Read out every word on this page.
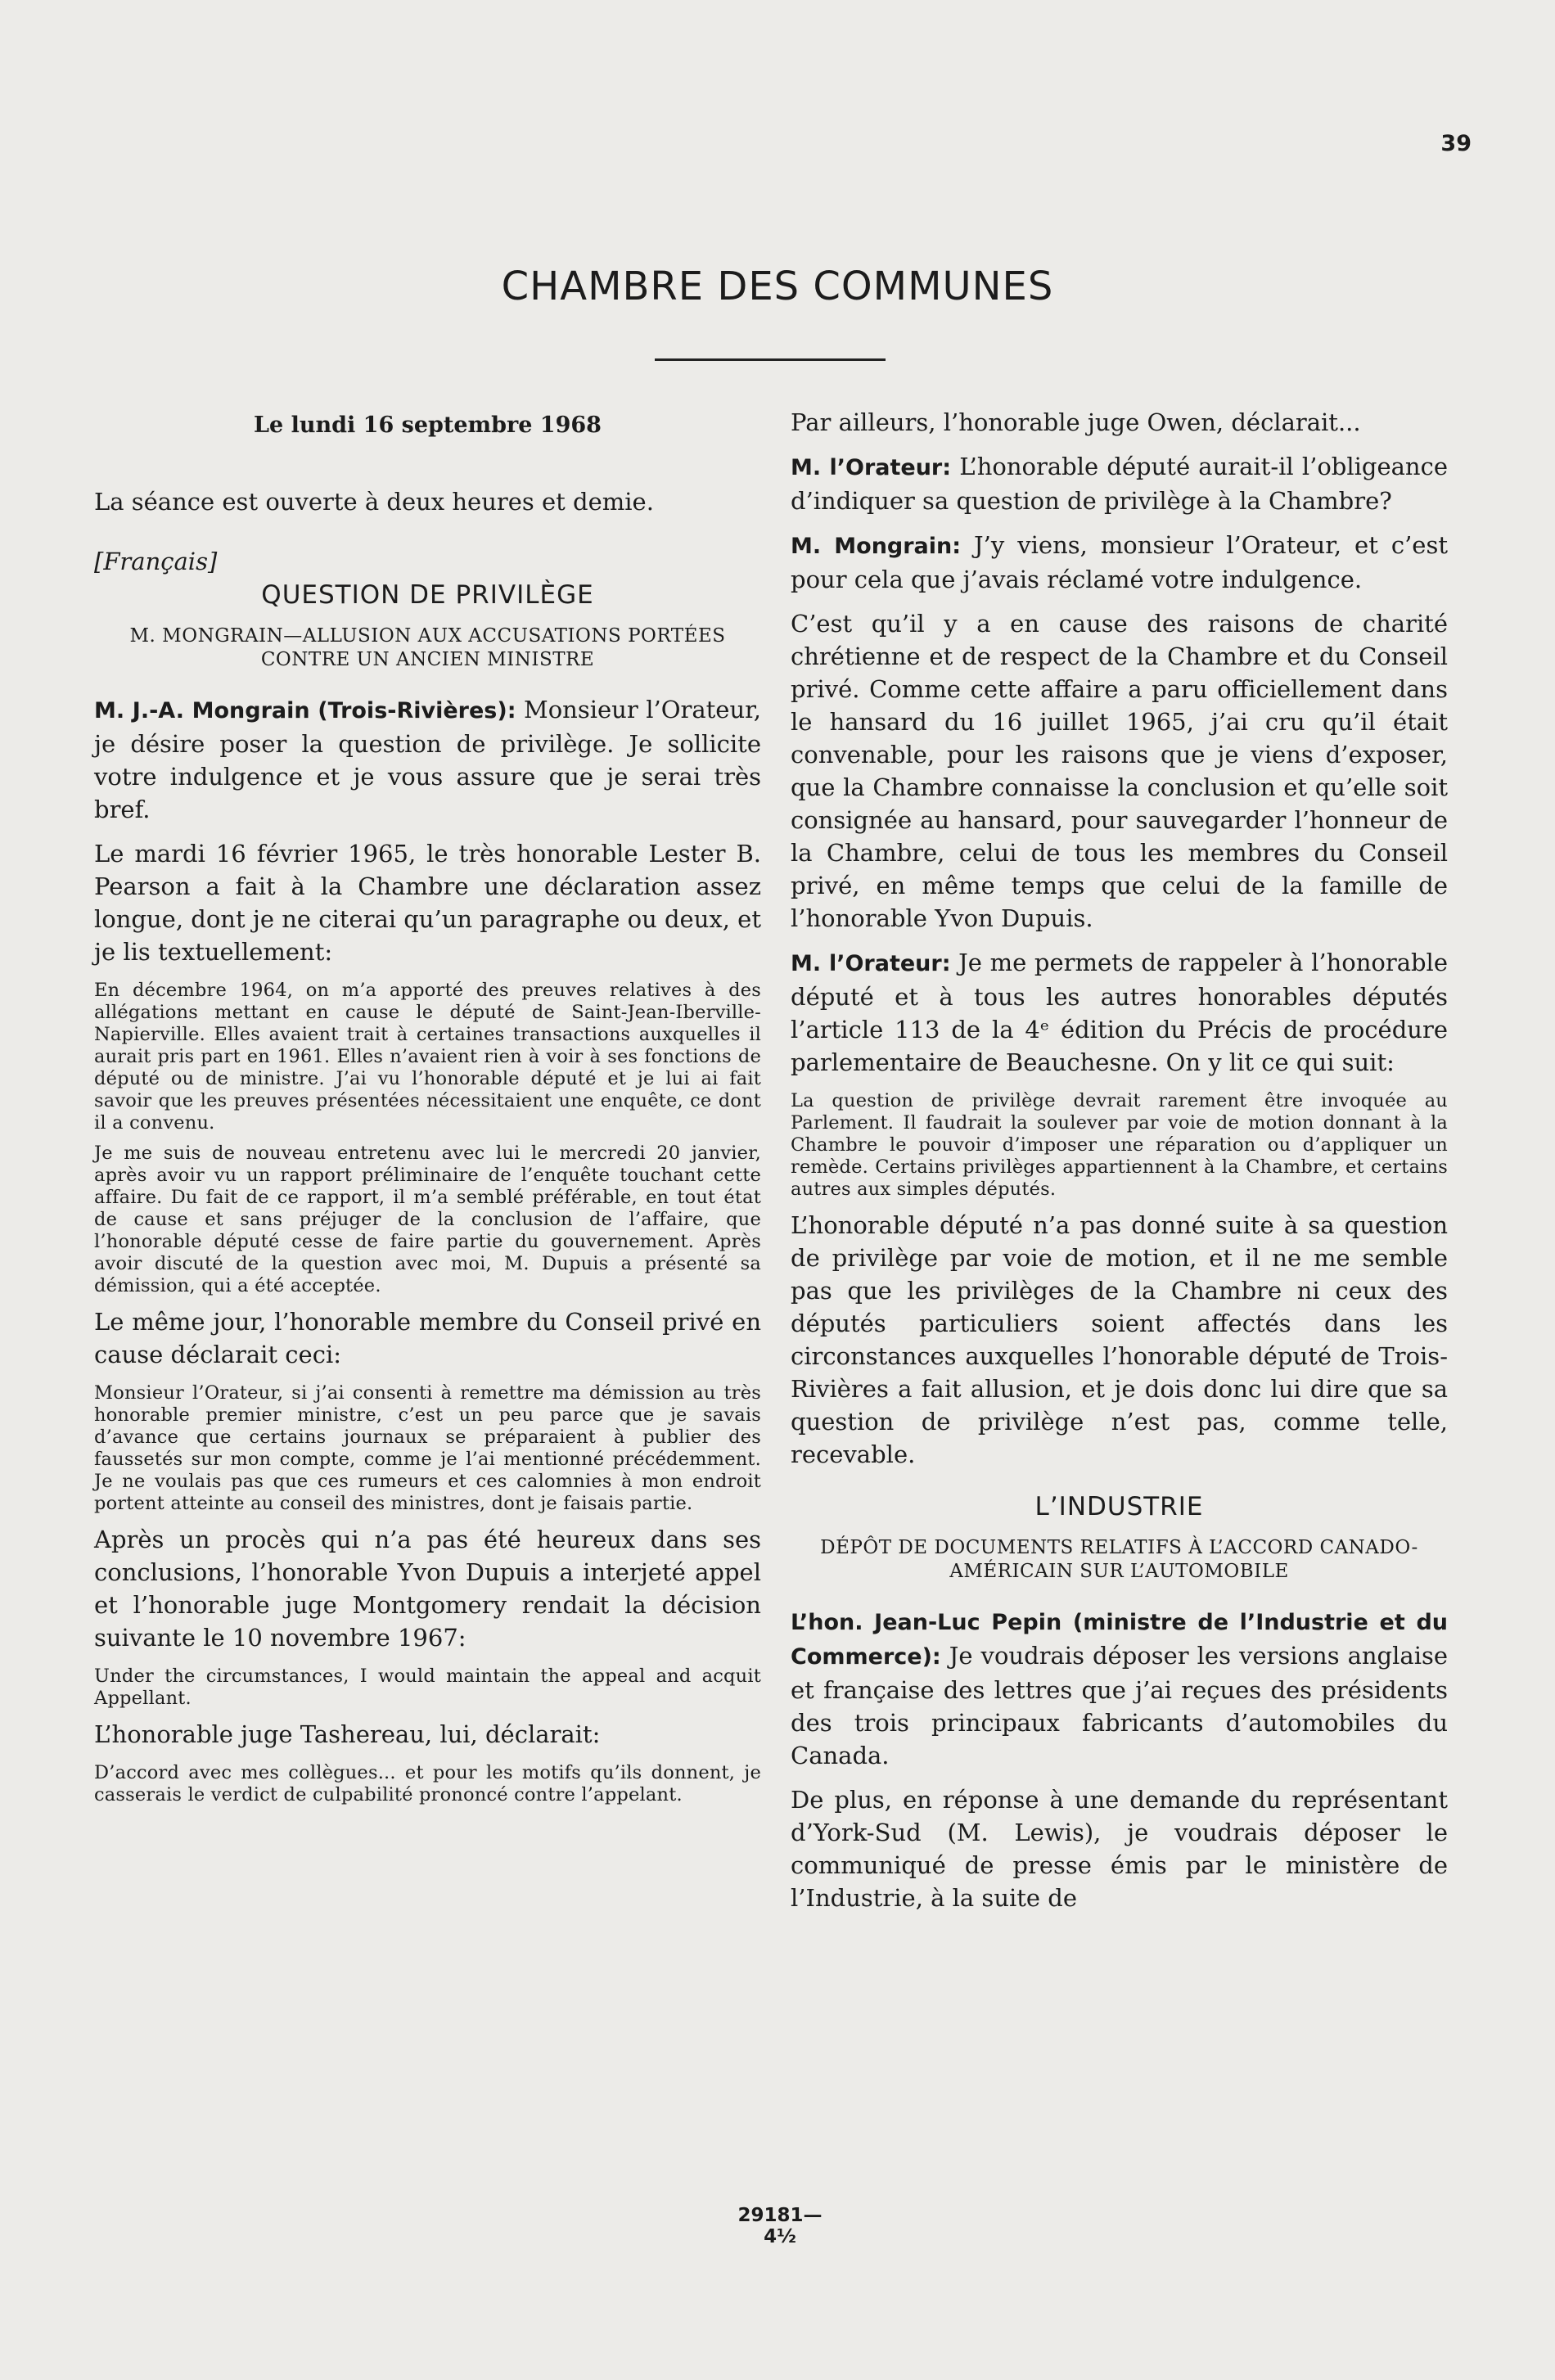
39
CHAMBRE DES COMMUNES
Le lundi 16 septembre 1968

La séance est ouverte à deux heures et demie.

[Français]
QUESTION DE PRIVILÈGE
M. MONGRAIN—ALLUSION AUX ACCUSATIONS PORTÉES CONTRE UN ANCIEN MINISTRE

M. J.-A. Mongrain (Trois-Rivières): Monsieur l’Orateur, je désire poser la question de privilège. Je sollicite votre indulgence et je vous assure que je serai très bref.

Le mardi 16 février 1965, le très honorable Lester B. Pearson a fait à la Chambre une déclaration assez longue, dont je ne citerai qu’un paragraphe ou deux, et je lis textuellement:

En décembre 1964, on m’a apporté des preuves relatives à des allégations mettant en cause le député de Saint-Jean-Iberville-Napierville. Elles avaient trait à certaines transactions auxquelles il aurait pris part en 1961. Elles n’avaient rien à voir à ses fonctions de député ou de ministre. J’ai vu l’honorable député et je lui ai fait savoir que les preuves présentées nécessitaient une enquête, ce dont il a convenu.

Je me suis de nouveau entretenu avec lui le mercredi 20 janvier, après avoir vu un rapport préliminaire de l’enquête touchant cette affaire. Du fait de ce rapport, il m’a semblé préférable, en tout état de cause et sans préjuger de la conclusion de l’affaire, que l’honorable député cesse de faire partie du gouvernement. Après avoir discuté de la question avec moi, M. Dupuis a présenté sa démission, qui a été acceptée.

Le même jour, l’honorable membre du Conseil privé en cause déclarait ceci:

Monsieur l’Orateur, si j’ai consenti à remettre ma démission au très honorable premier ministre, c’est un peu parce que je savais d’avance que certains journaux se préparaient à publier des faussetés sur mon compte, comme je l’ai mentionné précédemment. Je ne voulais pas que ces rumeurs et ces calomnies à mon endroit portent atteinte au conseil des ministres, dont je faisais partie.

Après un procès qui n’a pas été heureux dans ses conclusions, l’honorable Yvon Dupuis a interjeté appel et l’honorable juge Montgomery rendait la décision suivante le 10 novembre 1967:

Under the circumstances, I would maintain the appeal and acquit Appellant.

L’honorable juge Tashereau, lui, déclarait:

D’accord avec mes collègues... et pour les motifs qu’ils donnent, je casserais le verdict de culpabilité prononcé contre l’appelant.

Par ailleurs, l’honorable juge Owen, déclarait...

M. l’Orateur: L’honorable député aurait-il l’obligeance d’indiquer sa question de privilège à la Chambre?

M. Mongrain: J’y viens, monsieur l’Orateur, et c’est pour cela que j’avais réclamé votre indulgence.

C’est qu’il y a en cause des raisons de charité chrétienne et de respect de la Chambre et du Conseil privé. Comme cette affaire a paru officiellement dans le hansard du 16 juillet 1965, j’ai cru qu’il était convenable, pour les raisons que je viens d’exposer, que la Chambre connaisse la conclusion et qu’elle soit consignée au hansard, pour sauvegarder l’honneur de la Chambre, celui de tous les membres du Conseil privé, en même temps que celui de la famille de l’honorable Yvon Dupuis.

M. l’Orateur: Je me permets de rappeler à l’honorable député et à tous les autres honorables députés l’article 113 de la 4ᵉ édition du Précis de procédure parlementaire de Beauchesne. On y lit ce qui suit:

La question de privilège devrait rarement être invoquée au Parlement. Il faudrait la soulever par voie de motion donnant à la Chambre le pouvoir d’imposer une réparation ou d’appliquer un remède. Certains privilèges appartiennent à la Chambre, et certains autres aux simples députés.

L’honorable député n’a pas donné suite à sa question de privilège par voie de motion, et il ne me semble pas que les privilèges de la Chambre ni ceux des députés particuliers soient affectés dans les circonstances auxquelles l’honorable député de Trois-Rivières a fait allusion, et je dois donc lui dire que sa question de privilège n’est pas, comme telle, recevable.

L’INDUSTRIE
DÉPÔT DE DOCUMENTS RELATIFS À L’ACCORD CANADO-AMÉRICAIN SUR L’AUTOMOBILE

L’hon. Jean-Luc Pepin (ministre de l’Industrie et du Commerce): Je voudrais déposer les versions anglaise et française des lettres que j’ai reçues des présidents des trois principaux fabricants d’automobiles du Canada.

De plus, en réponse à une demande du représentant d’York-Sud (M. Lewis), je voudrais déposer le communiqué de presse émis par le ministère de l’Industrie, à la suite de

29181—4½
